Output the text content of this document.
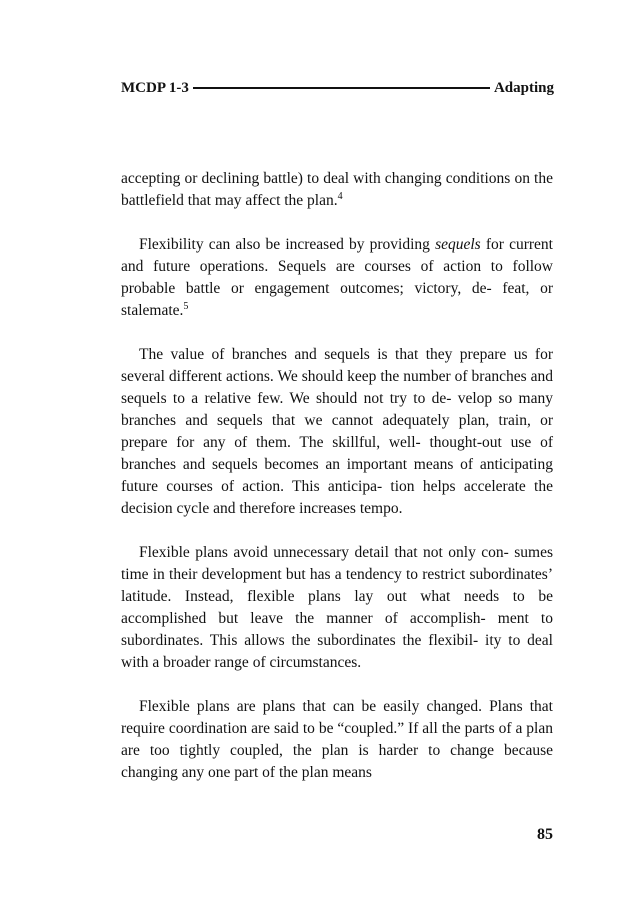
MCDP 1-3	Adapting

accepting or declining battle) to deal with changing conditions on the battlefield that may affect the plan.$^4$

Flexibility can also be increased by providing sequels for current and future operations. Sequels are courses of action to follow probable battle or engagement outcomes; victory, de- feat, or stalemate.$^5$

The value of branches and sequels is that they prepare us for several different actions. We should keep the number of branches and sequels to a relative few. We should not try to de- velop so many branches and sequels that we cannot adequately plan, train, or prepare for any of them. The skillful, well- thought-out use of branches and sequels becomes an important means of anticipating future courses of action. This anticipa- tion helps accelerate the decision cycle and therefore increases tempo.

Flexible plans avoid unnecessary detail that not only con- sumes time in their development but has a tendency to restrict subordinates’ latitude. Instead, flexible plans lay out what needs to be accomplished but leave the manner of accomplish- ment to subordinates. This allows the subordinates the flexibil- ity to deal with a broader range of circumstances.

Flexible plans are plans that can be easily changed. Plans that require coordination are said to be “coupled.” If all the parts of a plan are too tightly coupled, the plan is harder to change because changing any one part of the plan means

85
